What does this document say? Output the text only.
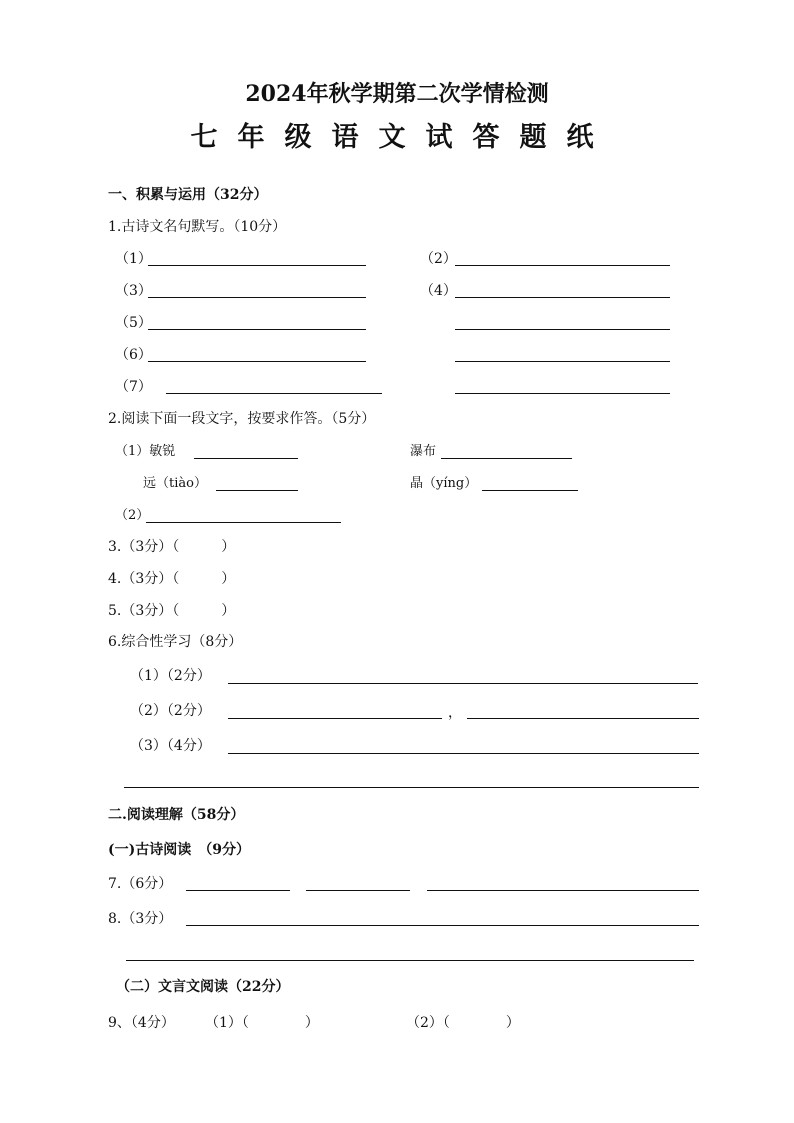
2024年秋学期第二次学情检测
七年级语文试答题纸
一、积累与运用（32分）
1.古诗文名句默写。（10分）
（1）	（2）
（3）	（4）
（5）
（6）
（7）
2.阅读下面一段文字，按要求作答。（5分）
（1）敏锐	瀑布
远（tiào）	晶（yíng）
（2）
3.（3分）（　　　）
4.（3分）（　　　）
5.（3分）（　　　）
6.综合性学习（8分）
（1）（2分）
（2）（2分）	，
（3）（4分）
二.阅读理解（58分）
(一)古诗阅读　（9分）
7.（6分）
8.（3分）
（二）文言文阅读（22分）
9、（4分） （1）（　　　　）	（2）（　　　　）
